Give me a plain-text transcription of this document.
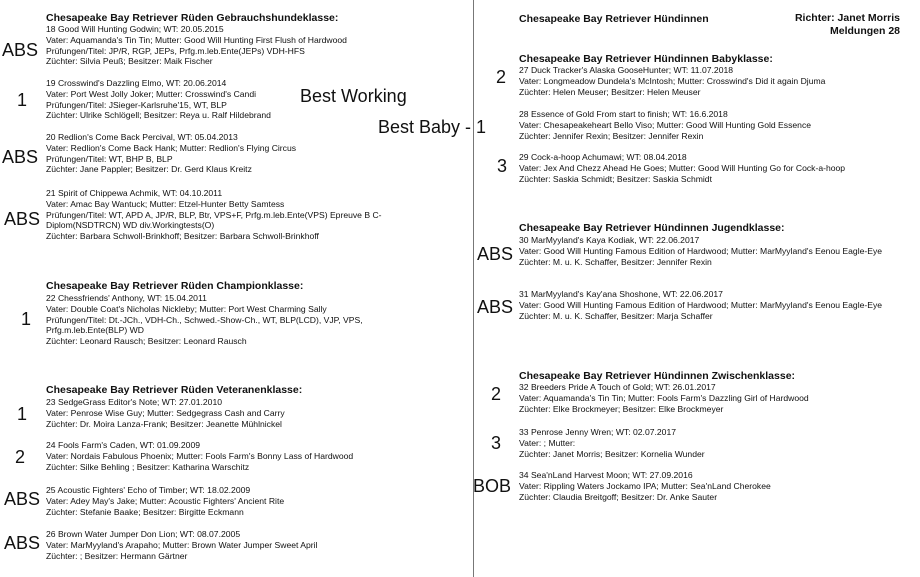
Chesapeake Bay Retriever Rüden Gebrauchshundeklasse:
ABS
18 Good Will Hunting Godwin; WT: 20.05.2015
Vater: Aquamanda's Tin Tin; Mutter: Good Will Hunting First Flush of Hardwood
Prüfungen/Titel: JP/R, RGP, JEPs, Prfg.m.leb.Ente(JEPs) VDH-HFS
Züchter: Silvia Peuß; Besitzer: Maik Fischer
1
19 Crosswind's Dazzling Elmo, WT: 20.06.2014
Vater: Port West Jolly Joker; Mutter: Crosswind's Candi
Prüfungen/Titel: JSieger-Karlsruhe'15, WT, BLP
Züchter: Ulrike Schlögell; Besitzer: Reya u. Ralf Hildebrand
ABS
20 Redlion's Come Back Percival, WT: 05.04.2013
Vater: Redlion's Come Back Hank; Mutter: Redlion's Flying Circus
Prüfungen/Titel: WT, BHP B, BLP
Züchter: Jane Pappler; Besitzer: Dr. Gerd Klaus Kreitz
ABS
21 Spirit of Chippewa Achmik, WT: 04.10.2011
Vater: Amac Bay Wantuck; Mutter: Etzel-Hunter Betty Samtess
Prüfungen/Titel: WT, APD A, JP/R, BLP, Btr, VPS+F, Prfg.m.leb.Ente(VPS) Epreuve B C-Diplom(NSDTRCN) WD div.Workingtests(O)
Züchter: Barbara Schwoll-Brinkhoff; Besitzer: Barbara Schwoll-Brinkhoff
Chesapeake Bay Retriever Rüden Championklasse:
1
22 Chessfriends' Anthony, WT: 15.04.2011
Vater: Double Coat's Nicholas Nickleby; Mutter: Port West Charming Sally
Prüfungen/Titel: Dt.-JCh., VDH-Ch., Schwed.-Show-Ch., WT, BLP(LCD), VJP, VPS, Prfg.m.leb.Ente(BLP) WD
Züchter: Leonard Rausch; Besitzer: Leonard Rausch
Chesapeake Bay Retriever Rüden Veteranenklasse:
1
23 SedgeGrass Editor's Note; WT: 27.01.2010
Vater: Penrose Wise Guy; Mutter: Sedgegrass Cash and Carry
Züchter: Dr. Moira Lanza-Frank; Besitzer: Jeanette Mühlnickel
2
24 Fools Farm's Caden, WT: 01.09.2009
Vater: Nordais Fabulous Phoenix; Mutter: Fools Farm's Bonny Lass of Hardwood
Züchter: Silke Behling ; Besitzer: Katharina Warschitz
ABS 25 Acoustic Fighters' Echo of Timber; WT: 18.02.2009
Vater: Adey May's Jake; Mutter: Acoustic Fighters' Ancient Rite
Züchter: Stefanie Baake; Besitzer: Birgitte Eckmann
ABS 26 Brown Water Jumper Don Lion; WT: 08.07.2005
Vater: MarMyyland's Arapaho; Mutter: Brown Water Jumper Sweet April
Züchter: ; Besitzer: Hermann Gärtner
Best Working
Best Baby - 1
Chesapeake Bay Retriever Hündinnen	Richter: Janet Morris
Meldungen 28
Chesapeake Bay Retriever Hündinnen Babyklasse:
2 27 Duck Tracker's Alaska GooseHunter; WT: 11.07.2018
Vater: Longmeadow Dundela's McIntosh; Mutter: Crosswind's Did it again Djuma
Züchter: Helen Meuser; Besitzer: Helen Meuser
28 Essence of Gold From start to finish; WT: 16.6.2018
Vater: Chesapeakeheart Bello Viso; Mutter: Good Will Hunting Gold Essence
Züchter: Jennifer Rexin; Besitzer: Jennifer Rexin
3 29 Cock-a-hoop Achumawi; WT: 08.04.2018
Vater: Jex And Chezz Ahead He Goes; Mutter: Good Will Hunting Go for Cock-a-hoop
Züchter: Saskia Schmidt; Besitzer: Saskia Schmidt
Chesapeake Bay Retriever Hündinnen Jugendklasse:
ABS
30 MarMyyland's Kaya Kodiak, WT: 22.06.2017
Vater: Good Will Hunting Famous Edition of Hardwood; Mutter: MarMyyland's Eenou Eagle-Eye
Züchter: M. u. K. Schaffer, Besitzer: Jennifer Rexin
ABS
31 MarMyyland's Kay'ana Shoshone, WT: 22.06.2017
Vater: Good Will Hunting Famous Edition of Hardwood; Mutter: MarMyyland's Eenou Eagle-Eye
Züchter: M. u. K. Schaffer, Besitzer: Marja Schaffer
Chesapeake Bay Retriever Hündinnen Zwischenklasse:
2 32 Breeders Pride A Touch of Gold; WT: 26.01.2017
Vater: Aquamanda's Tin Tin; Mutter: Fools Farm's Dazzling Girl of Hardwood
Züchter: Elke Brockmeyer; Besitzer: Elke Brockmeyer
3
33 Penrose Jenny Wren; WT: 02.07.2017
Vater: ; Mutter:
Züchter: Janet Morris; Besitzer: Kornelia Wunder
BOB
34 Sea'nLand Harvest Moon; WT: 27.09.2016
Vater: Rippling Waters Jockamo IPA; Mutter: Sea'nLand Cherokee
Züchter: Claudia Breitgoff; Besitzer: Dr. Anke Sauter
